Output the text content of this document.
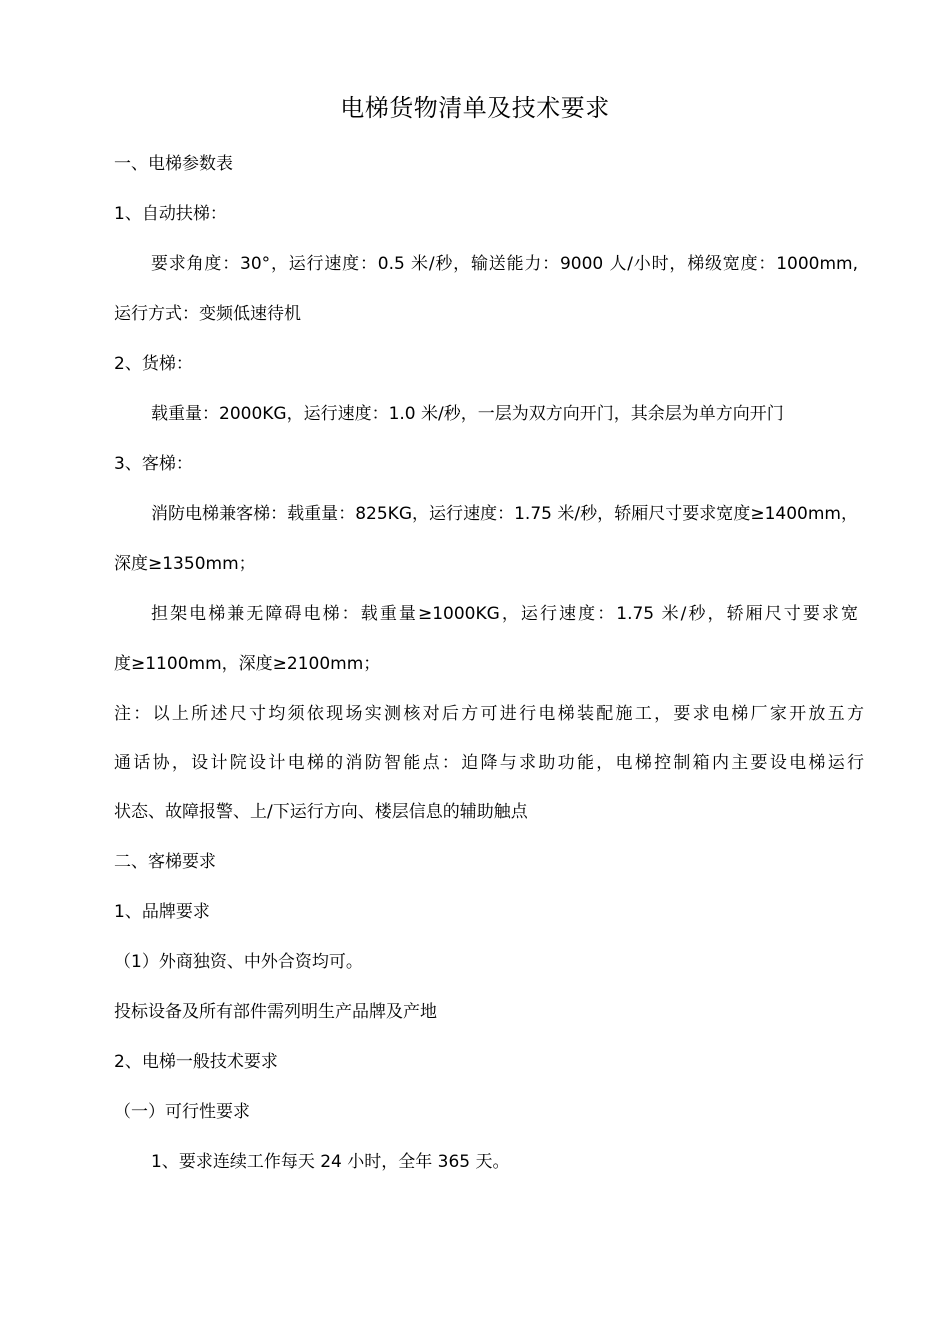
电梯货物清单及技术要求
一、电梯参数表
1、自动扶梯：
要求角度：30°，运行速度：0.5 米/秒，输送能力：9000 人/小时，梯级宽度：1000mm,
运行方式：变频低速待机
2、货梯：
载重量：2000KG，运行速度：1.0 米/秒，一层为双方向开门，其余层为单方向开门
3、客梯：
消防电梯兼客梯：载重量：825KG，运行速度：1.75 米/秒，轿厢尺寸要求宽度≥1400mm，
深度≥1350mm；
担架电梯兼无障碍电梯：载重量≥1000KG，运行速度：1.75 米/秒，轿厢尺寸要求宽
度≥1100mm，深度≥2100mm；
注：以上所述尺寸均须依现场实测核对后方可进行电梯装配施工，要求电梯厂家开放五方
通话协，设计院设计电梯的消防智能点：迫降与求助功能，电梯控制箱内主要设电梯运行
状态、故障报警、上/下运行方向、楼层信息的辅助触点
二、客梯要求
1、品牌要求
（1）外商独资、中外合资均可。
投标设备及所有部件需列明生产品牌及产地
2、电梯一般技术要求
（一）可行性要求
1、要求连续工作每天 24 小时，全年 365 天。
